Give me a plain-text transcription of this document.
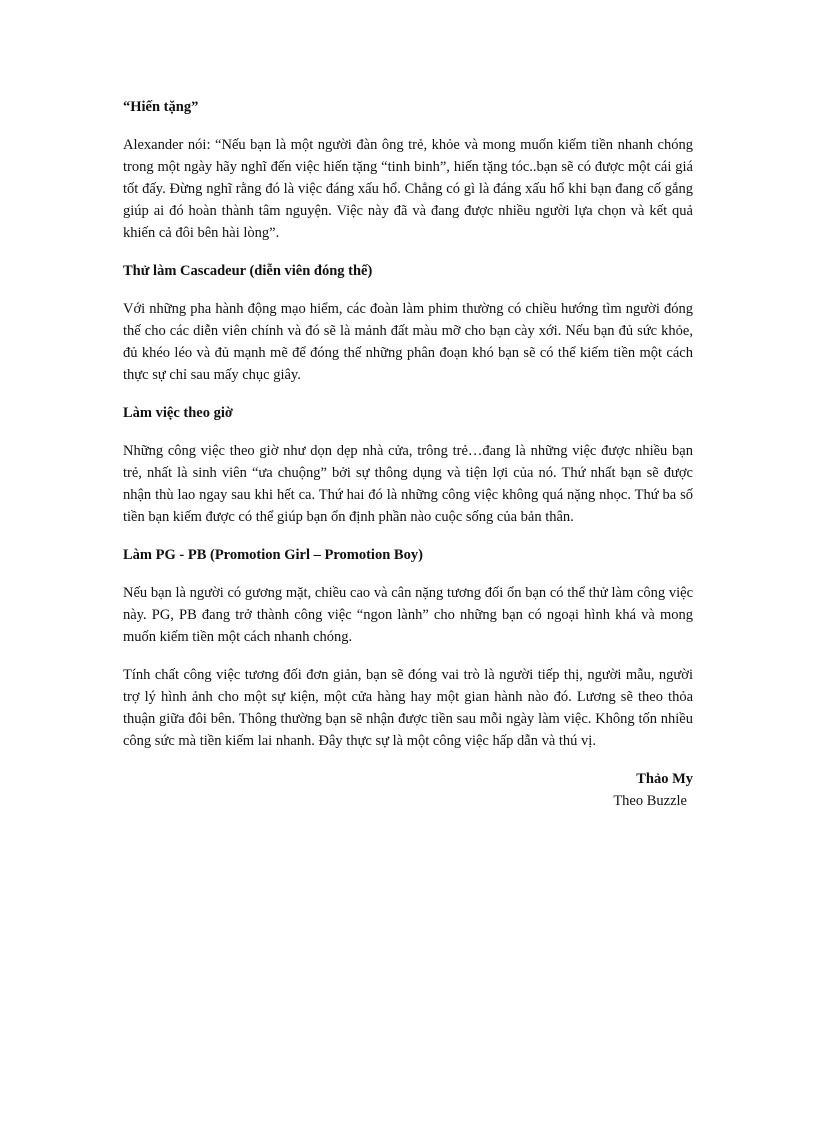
“Hiến tặng”

Alexander nói: “Nếu bạn là một người đàn ông trẻ, khỏe và mong muốn kiếm tiền nhanh chóng trong một ngày hãy nghĩ đến việc hiến tặng “tinh binh”, hiến tặng tóc..bạn sẽ có được một cái giá tốt đấy. Đừng nghĩ rằng đó là việc đáng xấu hổ. Chẳng có gì là đáng xấu hổ khi bạn đang cố gắng giúp ai đó hoàn thành tâm nguyện. Việc này đã và đang được nhiều người lựa chọn và kết quả khiến cả đôi bên hài lòng”.

Thử làm Cascadeur (diễn viên đóng thế)

Với những pha hành động mạo hiểm, các đoàn làm phim thường có chiều hướng tìm người đóng thế cho các diễn viên chính và đó sẽ là mảnh đất màu mỡ cho bạn cày xới. Nếu bạn đủ sức khỏe, đủ khéo léo và đủ mạnh mẽ để đóng thế những phân đoạn khó bạn sẽ có thể kiếm tiền một cách thực sự chỉ sau mấy chục giây.

Làm việc theo giờ

Những công việc theo giờ như dọn dẹp nhà cửa, trông trẻ…đang là những việc được nhiều bạn trẻ, nhất là sinh viên “ưa chuộng” bởi sự thông dụng và tiện lợi của nó. Thứ nhất bạn sẽ được nhận thù lao ngay sau khi hết ca. Thứ hai đó là những công việc không quá nặng nhọc. Thứ ba số tiền bạn kiếm được có thể giúp bạn ổn định phần nào cuộc sống của bản thân.

Làm PG - PB (Promotion Girl – Promotion Boy)

Nếu bạn là người có gương mặt, chiều cao và cân nặng tương đối ổn bạn có thể thử làm công việc này. PG, PB đang trở thành công việc “ngon lành” cho những bạn có ngoại hình khá và mong muốn kiếm tiền một cách nhanh chóng.

Tính chất công việc tương đối đơn giản, bạn sẽ đóng vai trò là người tiếp thị, người mẫu, người trợ lý hình ảnh cho một sự kiện, một cửa hàng hay một gian hành nào đó. Lương sẽ theo thỏa thuận giữa đôi bên. Thông thường bạn sẽ nhận được tiền sau mỗi ngày làm việc. Không tốn nhiều công sức mà tiền kiếm lai nhanh. Đây thực sự là một công việc hấp dẫn và thú vị.

Thảo My
Theo Buzzle
